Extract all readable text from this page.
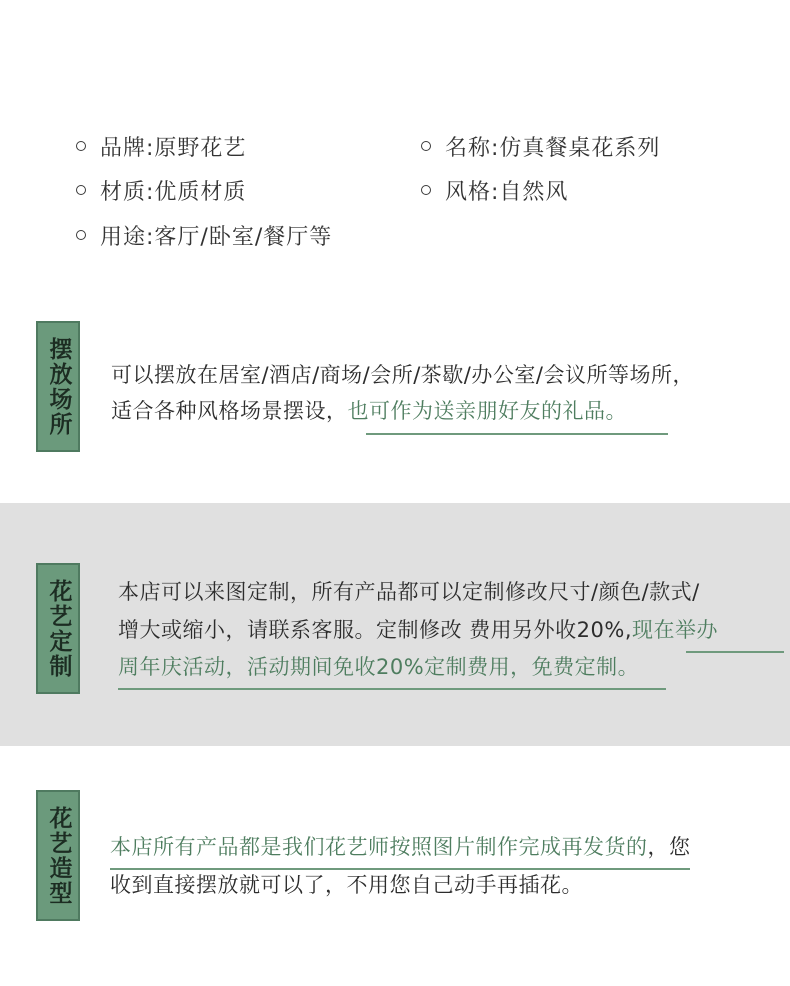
品牌:原野花艺	名称:仿真餐桌花系列
材质:优质材质	风格:自然风
用途:客厅/卧室/餐厅等
摆放场所 可以摆放在居室/酒店/商场/会所/茶歇/办公室/会议所等场所，
适合各种风格场景摆设，也可作为送亲朋好友的礼品。
花艺定制 本店可以来图定制，所有产品都可以定制修改尺寸/颜色/款式/
增大或缩小，请联系客服。定制修改 费用另外收20%,现在举办
周年庆活动，活动期间免收20%定制费用，免费定制。
花艺造型 本店所有产品都是我们花艺师按照图片制作完成再发货的，您
收到直接摆放就可以了，不用您自己动手再插花。
